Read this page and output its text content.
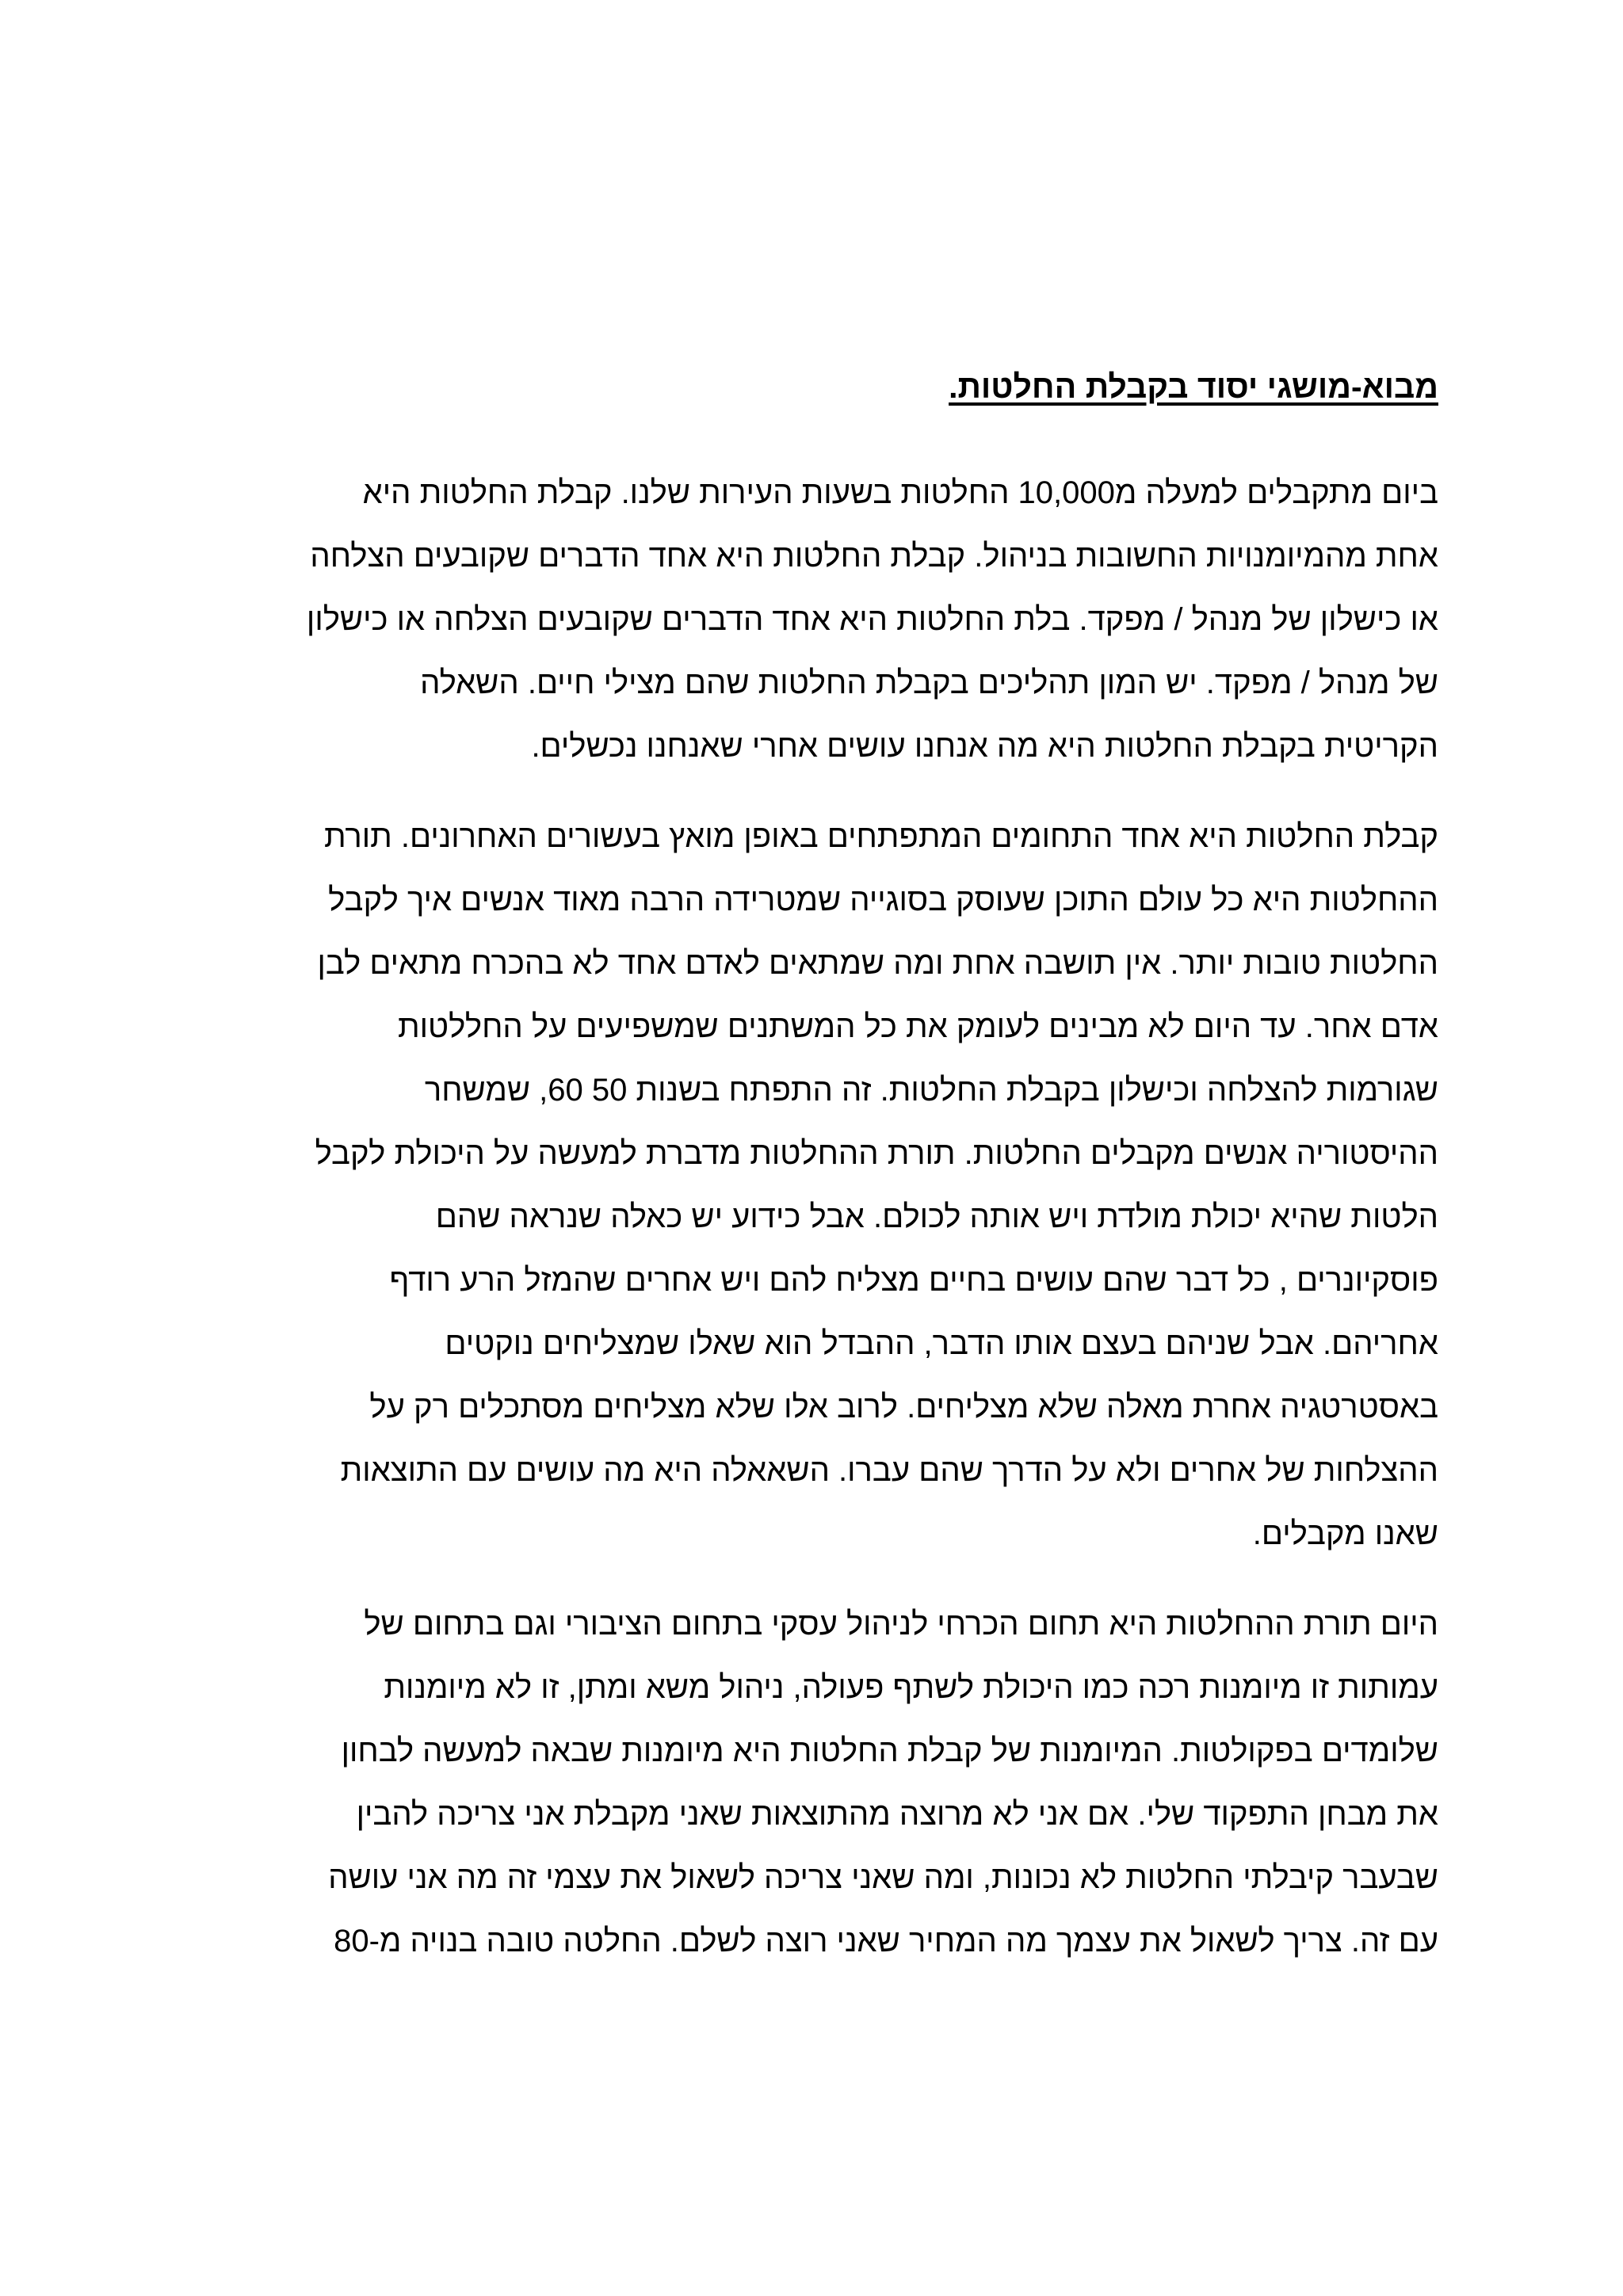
מבוא-מושגי יסוד בקבלת החלטות.
ביום מתקבלים למעלה מ10,000 החלטות בשעות העירות שלנו. קבלת החלטות היא
אחת מהמיומנויות החשובות בניהול. קבלת החלטות היא אחד הדברים שקובעים הצלחה
או כישלון של מנהל / מפקד. בלת החלטות היא אחד הדברים שקובעים הצלחה או כישלון
של מנהל / מפקד. יש המון תהליכים בקבלת החלטות שהם מצילי חיים. השאלה
הקריטית בקבלת החלטות היא מה אנחנו עושים אחרי שאנחנו נכשלים.
קבלת החלטות היא אחד התחומים המתפתחים באופן מואץ בעשורים האחרונים. תורת
ההחלטות היא כל עולם התוכן שעוסק בסוגייה שמטרידה הרבה מאוד אנשים איך לקבל
החלטות טובות יותר. אין תושבה אחת ומה שמתאים לאדם אחד לא בהכרח מתאים לבן
אדם אחר. עד היום לא מבינים לעומק את כל המשתנים שמשפיעים על החללטות
שגורמות להצלחה וכישלון בקבלת החלטות. זה התפתח בשנות 50 60, שמשחר
ההיסטוריה אנשים מקבלים החלטות. תורת ההחלטות מדברת למעשה על היכולת לקבל
הלטות שהיא יכולת מולדת ויש אותה לכולם. אבל כידוע יש כאלה שנראה שהם
פוסקיונרים , כל דבר שהם עושים בחיים מצליח להם ויש אחרים שהמזל הרע רודף
אחריהם. אבל שניהם בעצם אותו הדבר, ההבדל הוא שאלו שמצליחים נוקטים
באסטרטגיה אחרת מאלה שלא מצליחים. לרוב אלו שלא מצליחים מסתכלים רק על
ההצלחות של אחרים ולא על הדרך שהם עברו. השאאלה היא מה עושים עם התוצאות
שאנו מקבלים.
היום תורת ההחלטות היא תחום הכרחי לניהול עסקי בתחום הציבורי וגם בתחום של
עמותות זו מיומנות רכה כמו היכולת לשתף פעולה, ניהול משא ומתן, זו לא מיומנות
שלומדים בפקולטות. המיומנות של קבלת החלטות היא מיומנות שבאה למעשה לבחון
את מבחן התפקוד שלי. אם אני לא מרוצה מהתוצאות שאני מקבלת אני צריכה להבין
שבעבר קיבלתי החלטות לא נכונות, ומה שאני צריכה לשאול את עצמי זה מה אני עושה
עם זה. צריך לשאול את עצמך מה המחיר שאני רוצה לשלם. החלטה טובה בנויה מ-80
